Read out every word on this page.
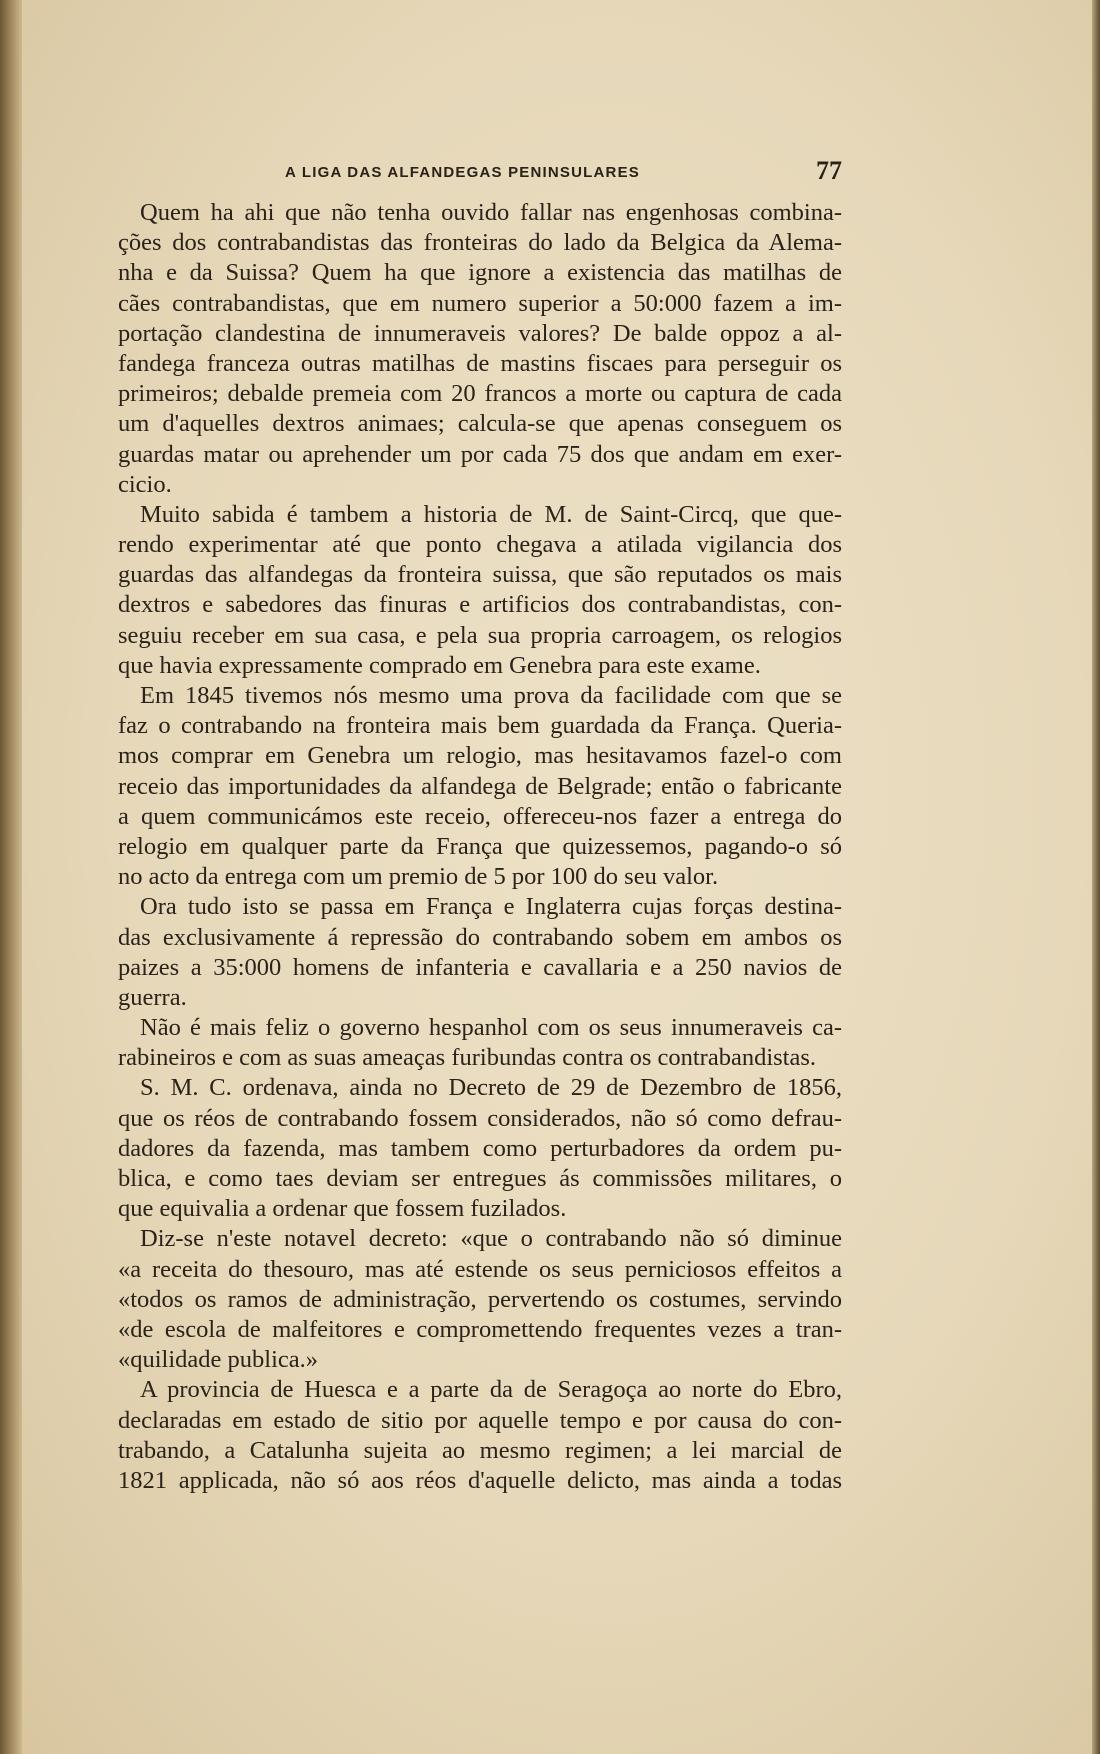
A LIGA DAS ALFANDEGAS PENINSULARES	77
Quem ha ahi que não tenha ouvido fallar nas engenhosas combina-
ções dos contrabandistas das fronteiras do lado da Belgica da Alema-
nha e da Suissa? Quem ha que ignore a existencia das matilhas de
cães contrabandistas, que em numero superior a 50:000 fazem a im-
portação clandestina de innumeraveis valores? De balde oppoz a al-
fandega franceza outras matilhas de mastins fiscaes para perseguir os
primeiros; debalde premeia com 20 francos a morte ou captura de cada
um d'aquelles dextros animaes; calcula-se que apenas conseguem os
guardas matar ou aprehender um por cada 75 dos que andam em exer-
cicio.
Muito sabida é tambem a historia de M. de Saint-Circq, que que-
rendo experimentar até que ponto chegava a atilada vigilancia dos
guardas das alfandegas da fronteira suissa, que são reputados os mais
dextros e sabedores das finuras e artificios dos contrabandistas, con-
seguiu receber em sua casa, e pela sua propria carroagem, os relogios
que havia expressamente comprado em Genebra para este exame.
Em 1845 tivemos nós mesmo uma prova da facilidade com que se
faz o contrabando na fronteira mais bem guardada da França. Queria-
mos comprar em Genebra um relogio, mas hesitavamos fazel-o com
receio das importunidades da alfandega de Belgrade; então o fabricante
a quem communicámos este receio, offereceu-nos fazer a entrega do
relogio em qualquer parte da França que quizessemos, pagando-o só
no acto da entrega com um premio de 5 por 100 do seu valor.
Ora tudo isto se passa em França e Inglaterra cujas forças destina-
das exclusivamente á repressão do contrabando sobem em ambos os
paizes a 35:000 homens de infanteria e cavallaria e a 250 navios de
guerra.
Não é mais feliz o governo hespanhol com os seus innumeraveis ca-
rabineiros e com as suas ameaças furibundas contra os contrabandistas.
S. M. C. ordenava, ainda no Decreto de 29 de Dezembro de 1856,
que os réos de contrabando fossem considerados, não só como defrau-
dadores da fazenda, mas tambem como perturbadores da ordem pu-
blica, e como taes deviam ser entregues ás commissões militares, o
que equivalia a ordenar que fossem fuzilados.
Diz-se n'este notavel decreto: «que o contrabando não só diminue
«a receita do thesouro, mas até estende os seus perniciosos effeitos a
«todos os ramos de administração, pervertendo os costumes, servindo
«de escola de malfeitores e compromettendo frequentes vezes a tran-
«quilidade publica.»
A provincia de Huesca e a parte da de Seragoça ao norte do Ebro,
declaradas em estado de sitio por aquelle tempo e por causa do con-
trabando, a Catalunha sujeita ao mesmo regimen; a lei marcial de
1821 applicada, não só aos réos d'aquelle delicto, mas ainda a todas
